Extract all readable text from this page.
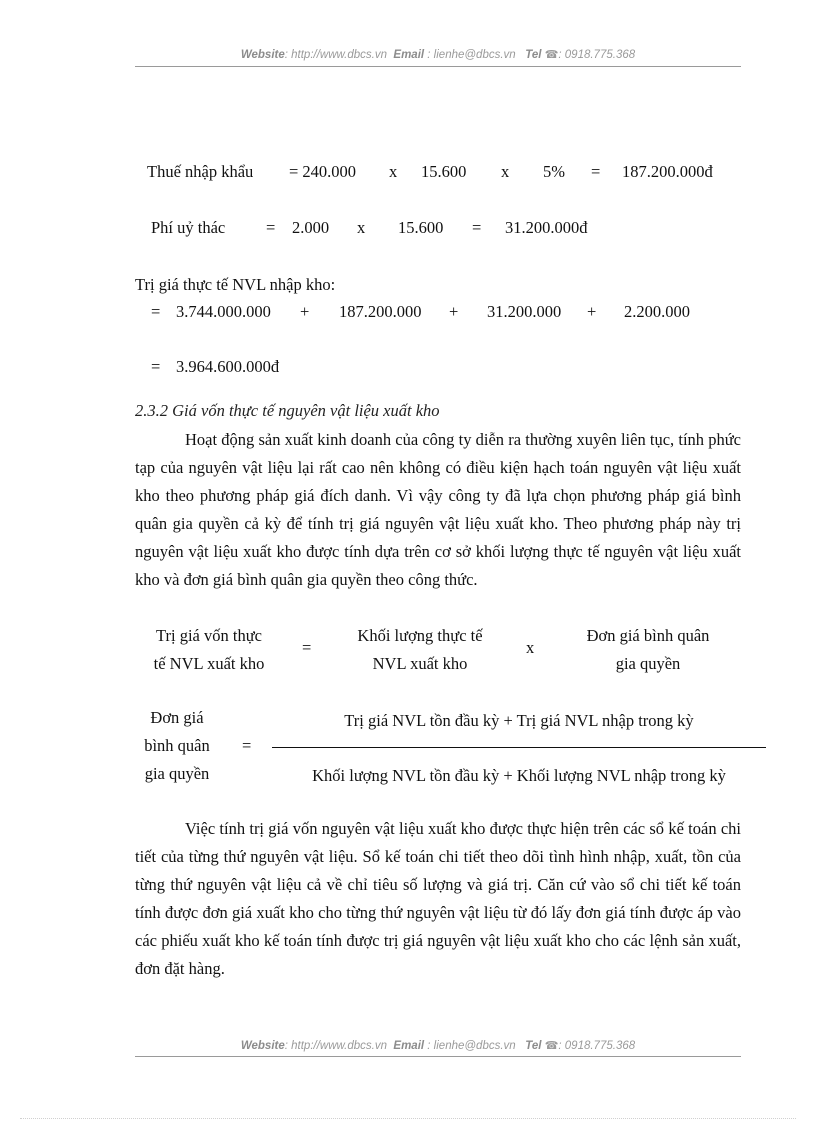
Website: http://www.dbcs.vn Email : lienhe@dbcs.vn Tel ☎: 0918.775.368
Thuế nhập khẩu = 240.000 x 15.600 x 5% = 187.200.000đ
Phí uỷ thác = 2.000 x 15.600 = 31.200.000đ
Trị giá thực tế NVL nhập kho:
= 3.744.000.000 + 187.200.000 + 31.200.000 + 2.200.000
= 3.964.600.000đ
2.3.2 Giá vốn thực tế nguyên vật liệu xuất kho
Hoạt động sản xuất kinh doanh của công ty diễn ra thường xuyên liên tục, tính phức tạp của nguyên vật liệu lại rất cao nên không có điều kiện hạch toán nguyên vật liệu xuất kho theo phương pháp giá đích danh. Vì vậy công ty đã lựa chọn phương pháp giá bình quân gia quyền cả kỳ để tính trị giá nguyên vật liệu xuất kho. Theo phương pháp này trị nguyên vật liệu xuất kho được tính dựa trên cơ sở khối lượng thực tế nguyên vật liệu xuất kho và đơn giá bình quân gia quyền theo công thức.
Trị giá vốn thực
tế NVL xuất kho
=
Khối lượng thực tế
NVL xuất kho
x
Đơn giá bình quân
gia quyền
Đơn giá
bình quân
gia quyền
=
Trị giá NVL tồn đầu kỳ + Trị giá NVL nhập trong kỳ
Khối lượng NVL tồn đầu kỳ + Khối lượng NVL nhập trong kỳ
Việc tính trị giá vốn nguyên vật liệu xuất kho được thực hiện trên các sổ kế toán chi tiết của từng thứ nguyên vật liệu. Sổ kế toán chi tiết theo dõi tình hình nhập, xuất, tồn của từng thứ nguyên vật liệu cả về chỉ tiêu số lượng và giá trị. Căn cứ vào sổ chi tiết kế toán tính được đơn giá xuất kho cho từng thứ nguyên vật liệu từ đó lấy đơn giá tính được áp vào các phiếu xuất kho kế toán tính được trị giá nguyên vật liệu xuất kho cho các lệnh sản xuất, đơn đặt hàng.
Website: http://www.dbcs.vn Email : lienhe@dbcs.vn Tel ☎: 0918.775.368
